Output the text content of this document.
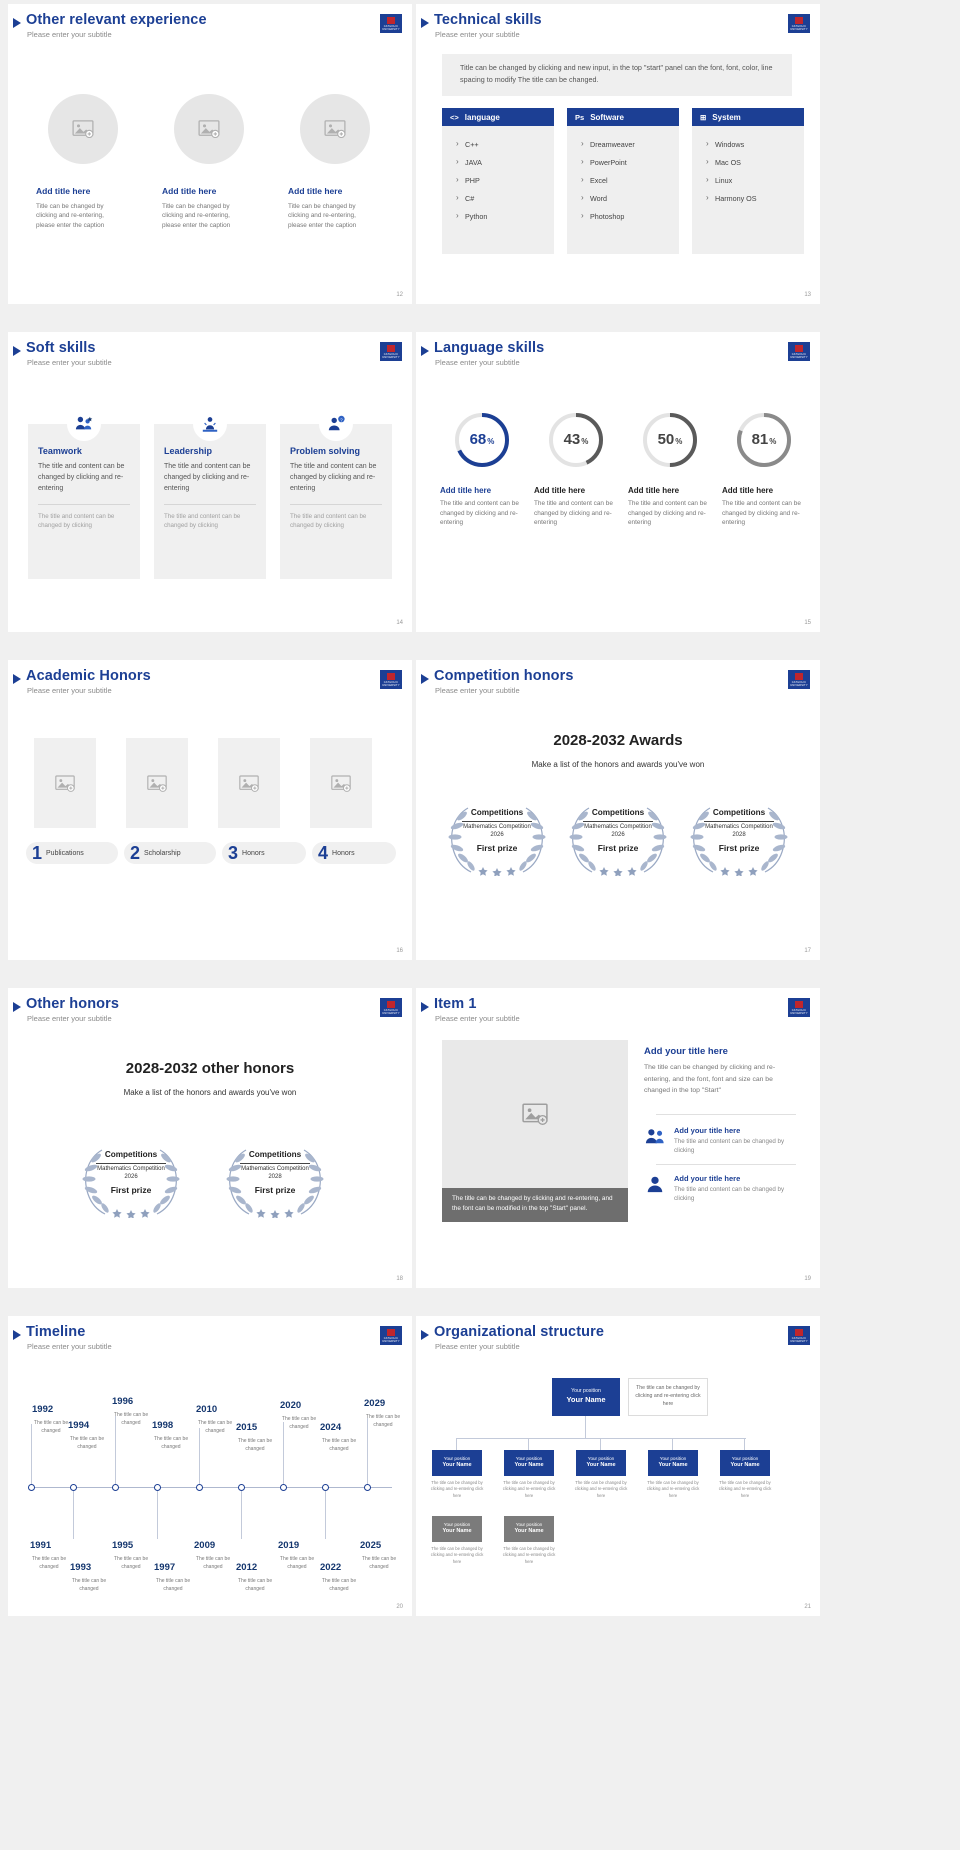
Other relevant experience
Please enter your subtitle
CATHOLIC
UNIVERSITY
Add title here
Title can be changed by clicking and re-entering, please enter the caption
Add title here
Title can be changed by clicking and re-entering, please enter the caption
Add title here
Title can be changed by clicking and re-entering, please enter the caption
12
Technical skills
Please enter your subtitle
CATHOLIC
UNIVERSITY
Title can be changed by clicking and new input, in the top "start" panel can the font, font, color, line spacing to modify The title can be changed.
<> language
› C++
› JAVA
› PHP
› C#
› Python
Ps Software
› Dreamweaver
› PowerPoint
› Excel
› Word
› Photoshop
⊞ System
› Windows
› Mac OS
› Linux
› Harmony OS
13
Soft skills
Please enter your subtitle
CATHOLIC
UNIVERSITY
Teamwork
The title and content can be changed by clicking and re-entering
The title and content can be changed by clicking
Leadership
The title and content can be changed by clicking and re-entering
The title and content can be changed by clicking
?
Problem solving
The title and content can be changed by clicking and re-entering
The title and content can be changed by clicking
14
Language skills
Please enter your subtitle
CATHOLIC
UNIVERSITY
68 %
Add title here
The title and content can be changed by clicking and re-entering
43 %
Add title here
The title and content can be changed by clicking and re-entering
50 %
Add title here
The title and content can be changed by clicking and re-entering
81 %
Add title here
The title and content can be changed by clicking and re-entering
15
Academic Honors
Please enter your subtitle
CATHOLIC
UNIVERSITY
1 Publications	2 Scholarship	3 Honors	4 Honors
16
Competition honors
Please enter your subtitle
CATHOLIC
UNIVERSITY
2028-2032 Awards
Make a list of the honors and awards you've won
Competitions
Mathematics Competition
2026
First prize
Competitions
Mathematics Competition
2026
First prize
Competitions
Mathematics Competition
2028
First prize
17
Other honors
Please enter your subtitle
CATHOLIC
UNIVERSITY
2028-2032 other honors
Make a list of the honors and awards you've won
Competitions
Mathematics Competition
2026
First prize
Competitions
Mathematics Competition
2028
First prize
18
Item 1
Please enter your subtitle
CATHOLIC
UNIVERSITY
The title can be changed by clicking and re-entering, and the font can be modified in the top "Start" panel.
Add your title here
The title can be changed by clicking and re-entering, and the font, font and size can be changed in the top "Start"
Add your title here
The title and content can be changed by clicking
Add your title here
The title and content can be changed by clicking
19
Timeline
Please enter your subtitle
CATHOLIC
UNIVERSITY
1992
The title can be changed 1994
The title can be changed
1996
The title can be changed	1998
The title can be changed
2010
The title can be changed	2015
The title can be changed
2020
The title can be changed	2024
The title can be changed
2029
The title can be changed
1991
The title can be changed	1993
The title can be changed
1995
The title can be changed	1997
The title can be changed
2009
The title can be changed	2012
The title can be changed
2019
The title can be changed	2022
The title can be changed
2025
The title can be changed
20
Organizational structure
Please enter your subtitle
CATHOLIC
UNIVERSITY
Your position
Your Name
The title can be changed by clicking and re-entering click here
Your position
Your Name
The title can be changed by clicking and re-entering click here
Your position
Your Name
The title can be changed by clicking and re-entering click here
Your position
Your Name
The title can be changed by clicking and re-entering click here
Your position
Your Name
The title can be changed by clicking and re-entering click here
Your position
Your Name
The title can be changed by clicking and re-entering click here
Your position
Your Name
The title can be changed by clicking and re-entering click here
Your position
Your Name
The title can be changed by clicking and re-entering click here
21
